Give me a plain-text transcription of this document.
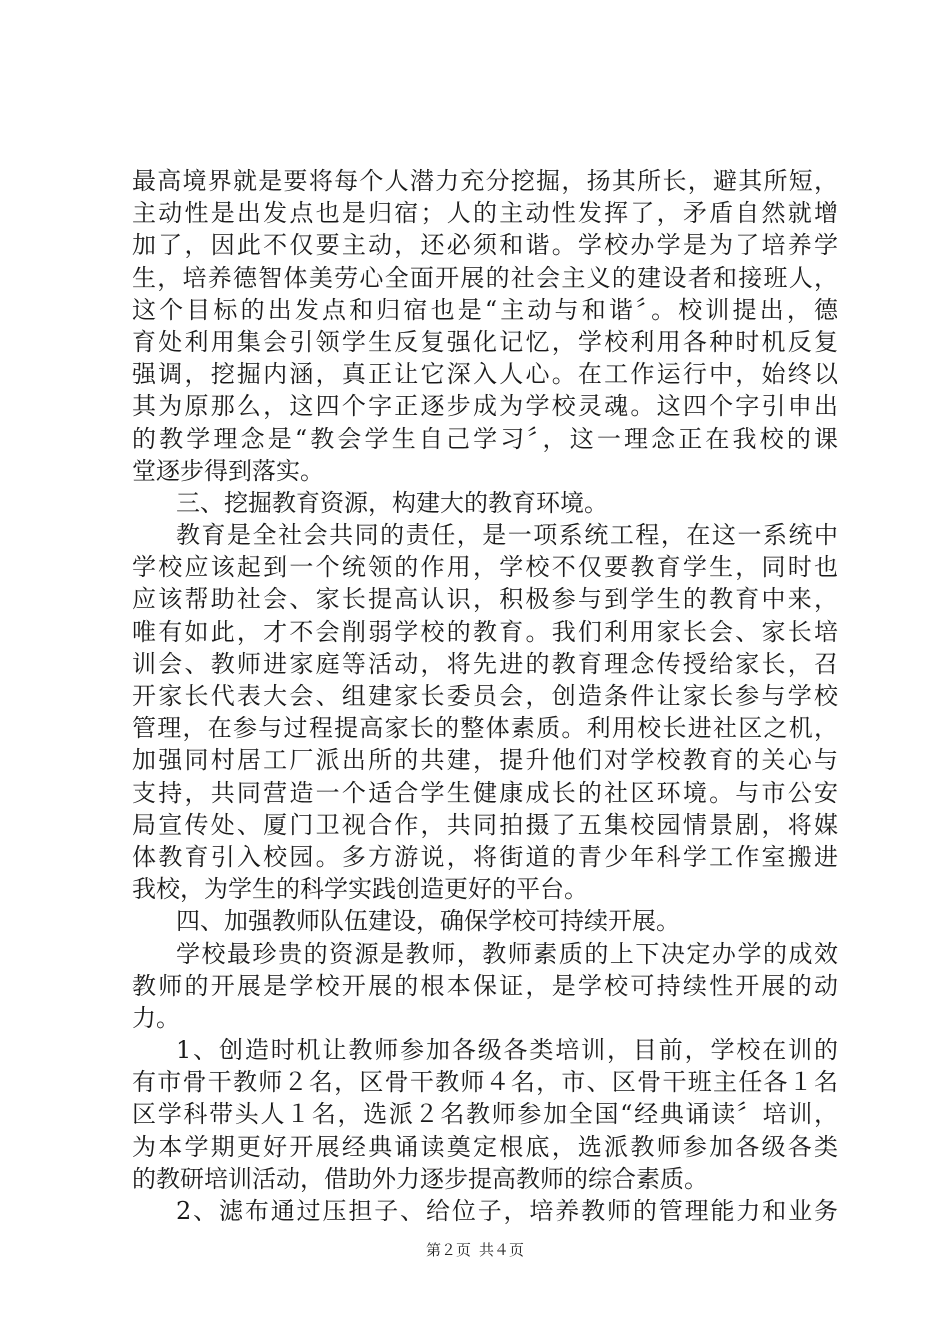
最高境界就是要将每个人潜力充分挖掘，扬其所长，避其所短，
主动性是出发点也是归宿；人的主动性发挥了，矛盾自然就增
加了，因此不仅要主动，还必须和谐。学校办学是为了培养学
生，培养德智体美劳心全面开展的社会主义的建设者和接班人，
这个目标的出发点和归宿也是“主动与和谐〞。校训提出，德
育处利用集会引领学生反复强化记忆，学校利用各种时机反复
强调，挖掘内涵，真正让它深入人心。在工作运行中，始终以
其为原那么，这四个字正逐步成为学校灵魂。这四个字引申出
的教学理念是“教会学生自己学习〞，这一理念正在我校的课
堂逐步得到落实。
三、挖掘教育资源，构建大的教育环境。
教育是全社会共同的责任，是一项系统工程，在这一系统中
学校应该起到一个统领的作用，学校不仅要教育学生，同时也
应该帮助社会、家长提高认识，积极参与到学生的教育中来，
唯有如此，才不会削弱学校的教育。我们利用家长会、家长培
训会、教师进家庭等活动，将先进的教育理念传授给家长，召
开家长代表大会、组建家长委员会，创造条件让家长参与学校
管理，在参与过程提高家长的整体素质。利用校长进社区之机，
加强同村居工厂派出所的共建，提升他们对学校教育的关心与
支持，共同营造一个适合学生健康成长的社区环境。与市公安
局宣传处、厦门卫视合作，共同拍摄了五集校园情景剧，将媒
体教育引入校园。多方游说，将街道的青少年科学工作室搬进
我校，为学生的科学实践创造更好的平台。
四、加强教师队伍建设，确保学校可持续开展。
学校最珍贵的资源是教师，教师素质的上下决定办学的成效
教师的开展是学校开展的根本保证，是学校可持续性开展的动
力。
1、创造时机让教师参加各级各类培训，目前，学校在训的
有市骨干教师２名，区骨干教师４名，市、区骨干班主任各１名
区学科带头人１名，选派２名教师参加全国“经典诵读〞培训，
为本学期更好开展经典诵读奠定根底，选派教师参加各级各类
的教研培训活动，借助外力逐步提高教师的综合素质。
2、滤布通过压担子、给位子，培养教师的管理能力和业务
第２页 共４页
